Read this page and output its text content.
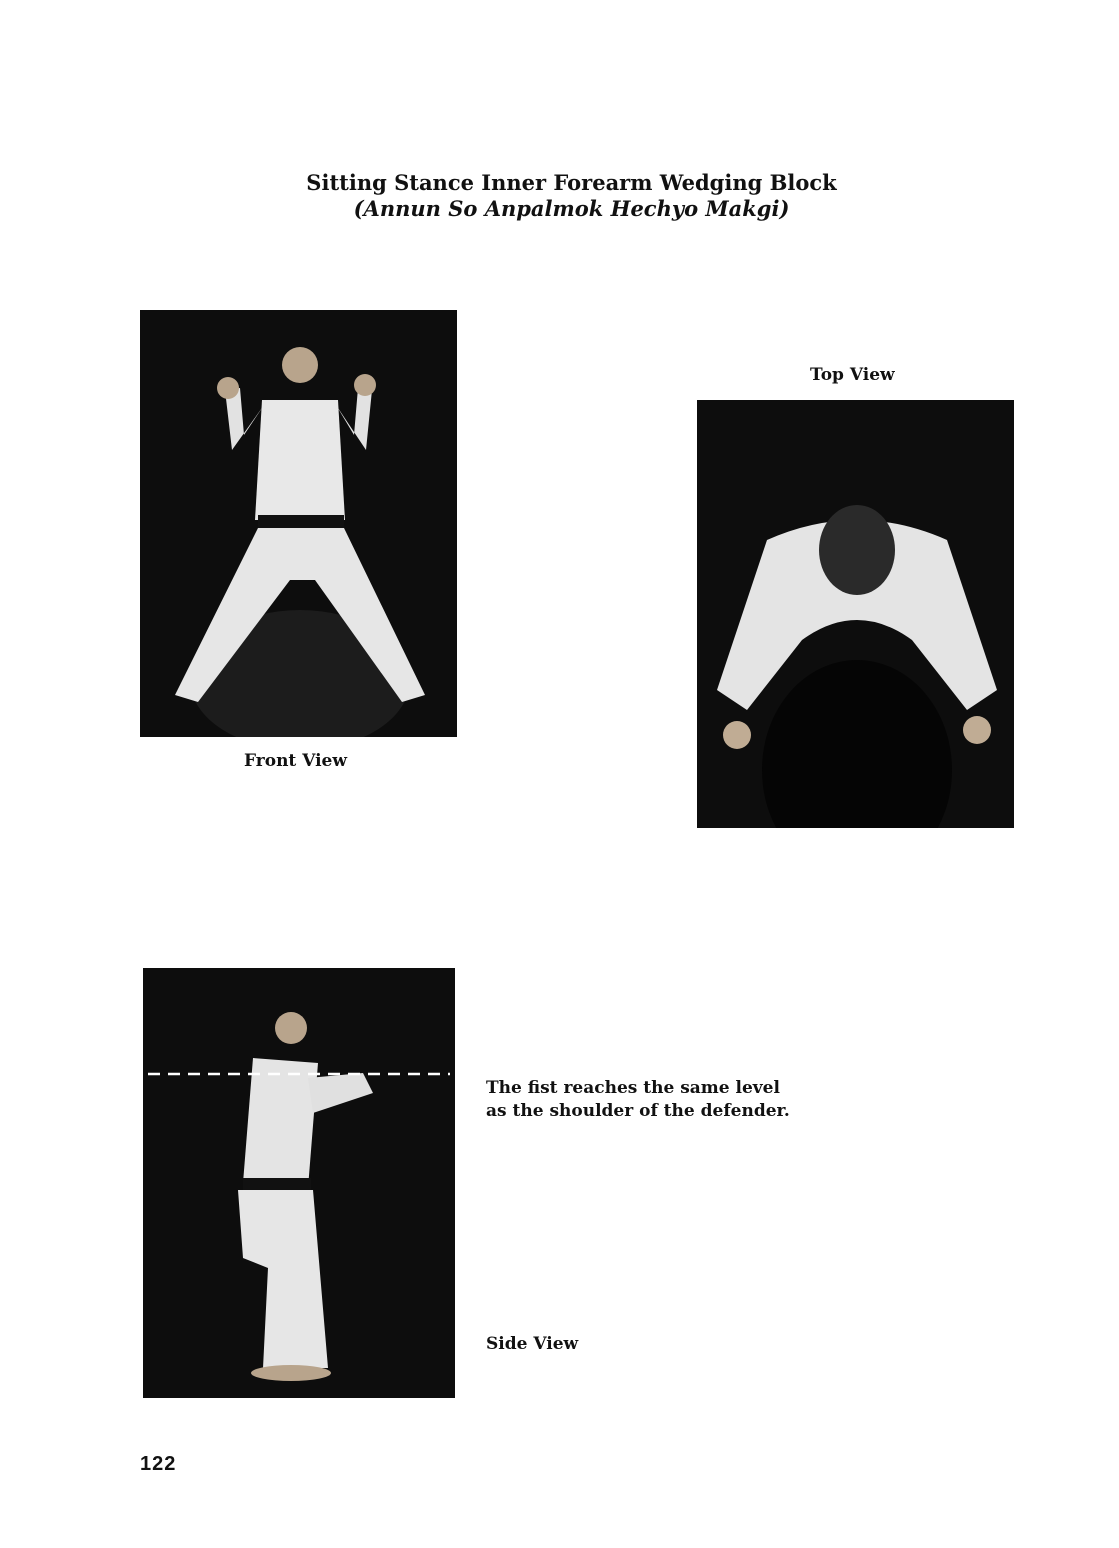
Sitting Stance Inner Forearm Wedging Block
(Annun So Anpalmok Hechyo Makgi)
Front View
Top View
The fist reaches the same level
as the shoulder of the defender.
Side View
122
